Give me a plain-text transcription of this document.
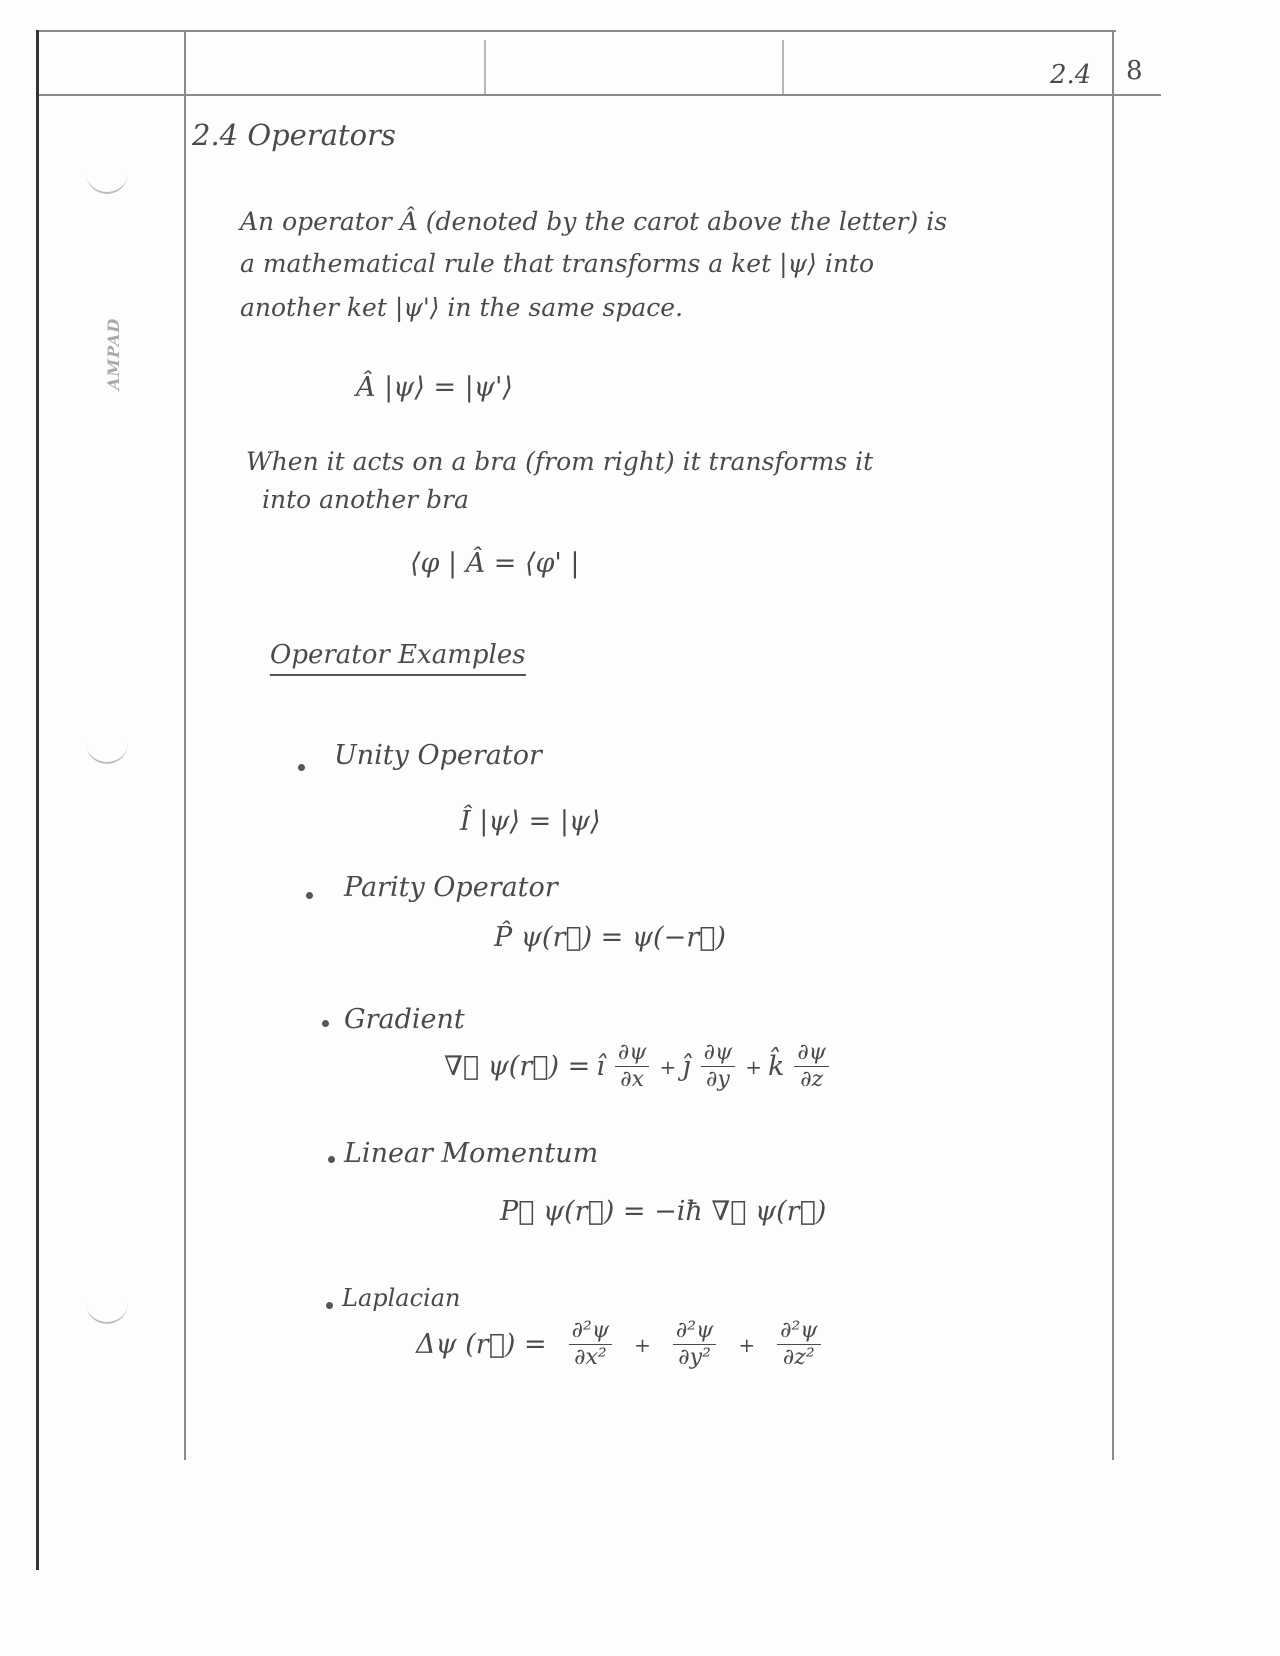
AMPAD
2.4 8
2.4 Operators
An operator Â (denoted by the carot above the letter) is
a mathematical rule that transforms a ket |ψ⟩ into
another ket |ψ'⟩ in the same space.
Â |ψ⟩ = |ψ'⟩
When it acts on a bra (from right) it transforms it
into another bra
⟨φ | Â = ⟨φ' |
Operator Examples
Unity Operator
Î |ψ⟩ = |ψ⟩
Parity Operator
P̂ ψ(r⃗) = ψ(−r⃗)
Gradient
∇⃗ ψ(r⃗) = î $\frac{\partial\psi}{\partial x}$ + ĵ $\frac{\partial\psi}{\partial y}$ + k̂ $\frac{\partial\psi}{\partial z}$
Linear Momentum
P⃗ ψ(r⃗) = −iħ ∇⃗ ψ(r⃗)
Laplacian
Δψ (r⃗) = $\frac{\text{∂²ψ}}{\text{∂x²}} + \frac{\text{∂²ψ}}{\text{∂y²}} + \frac{\text{∂²ψ}}{\text{∂z²}}$
